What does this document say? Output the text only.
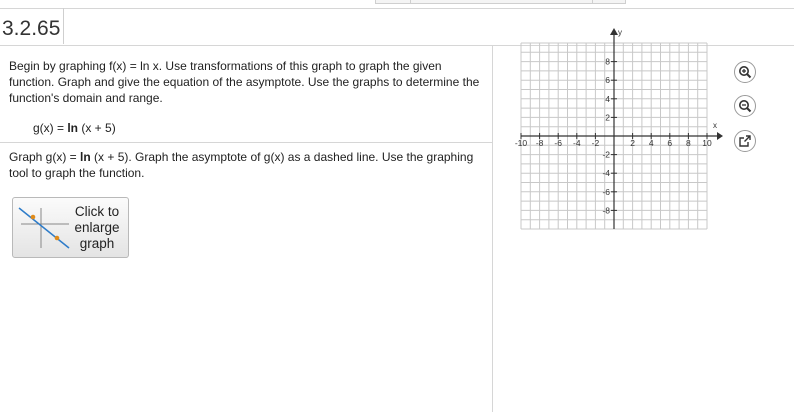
3.2.65
Begin by graphing f(x) = ln x. Use transformations of this graph to graph the given function. Graph and give the equation of the asymptote. Use the graphs to determine the function's domain and range.
g(x) = ln (x + 5)
Graph g(x) = ln (x + 5). Graph the asymptote of g(x) as a dashed line. Use the graphing tool to graph the function.
Click to enlarge graph
x
y
-10 -8 -6 -4 -2	2 4 6 8 10
8
6
4
2
-2
-4
-6
-8
